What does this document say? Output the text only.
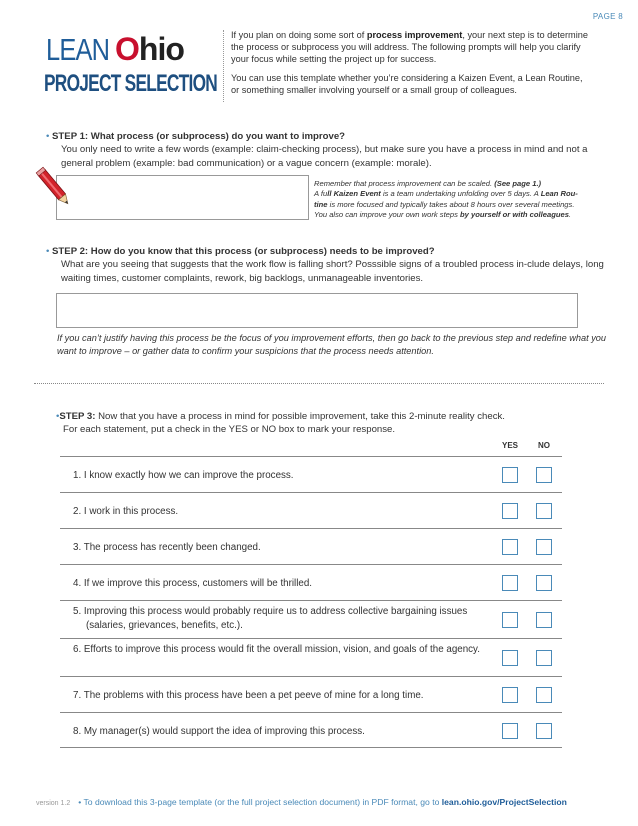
PAGE 8
LEAN Ohio
PROJECT SELECTION

If you plan on doing some sort of process improvement, your next step is to determine the process or subprocess you will address. The following prompts will help you clarify your focus while setting the project up for success.

You can use this template whether you’re considering a Kaizen Event, a Lean Routine, or something smaller involving yourself or a small group of colleagues.

• STEP 1: What process (or subprocess) do you want to improve?
You only need to write a few words (example: claim-checking process), but make sure you have a process in mind and not a general problem (example: bad communication) or a vague concern (example: morale).
Remember that process improvement can be scaled. (See page 1.)
A full Kaizen Event is a team undertaking unfolding over 5 days. A Lean Rou-
tine is more focused and typically takes about 8 hours over several meetings.
You also can improve your own work steps by yourself or with colleagues.
• STEP 2: How do you know that this process (or subprocess) needs to be improved?
What are you seeing that suggests that the work flow is falling short? Posssible signs of a troubled process in-clude delays, long waiting times, customer complaints, rework, big backlogs, unmanageable inventories.
If you can’t justify having this process be the focus of you improvement efforts, then go back to the previous step and redefine what you want to improve – or gather data to confirm your suspicions that the process needs attention.
•STEP 3: Now that you have a process in mind for possible improvement, take this 2-minute reality check.
For each statement, put a check in the YES or NO box to mark your response.
YES NO
1. I know exactly how we can improve the process.
2. I work in this process.
3. The process has recently been changed.
4. If we improve this process, customers will be thrilled.
5. Improving this process would probably require us to address collective bargaining issues (salaries, grievances, benefits, etc.).
6. Efforts to improve this process would fit the overall mission, vision, and goals of the agency.
7. The problems with this process have been a pet peeve of mine for a long time.
8. My manager(s) would support the idea of improving this process.
version 1.2 • To download this 3-page template (or the full project selection document) in PDF format, go to lean.ohio.gov/ProjectSelection
